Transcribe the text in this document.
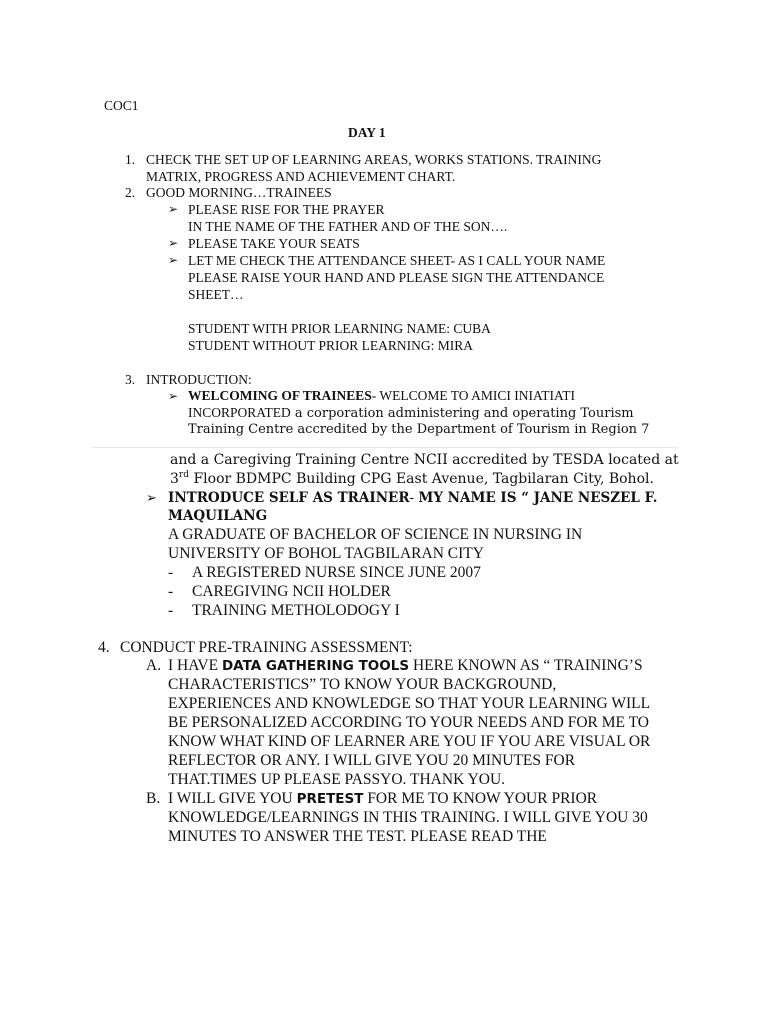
COC1
DAY 1
1. CHECK THE SET UP OF LEARNING AREAS, WORKS STATIONS. TRAINING
MATRIX, PROGRESS AND ACHIEVEMENT CHART.
2. GOOD MORNING…TRAINEES
➢ PLEASE RISE FOR THE PRAYER
IN THE NAME OF THE FATHER AND OF THE SON….
➢ PLEASE TAKE YOUR SEATS
➢ LET ME CHECK THE ATTENDANCE SHEET- AS I CALL YOUR NAME
PLEASE RAISE YOUR HAND AND PLEASE SIGN THE ATTENDANCE
SHEET…
STUDENT WITH PRIOR LEARNING NAME: CUBA
STUDENT WITHOUT PRIOR LEARNING: MIRA
3. INTRODUCTION:
➢ WELCOMING OF TRAINEES- WELCOME TO AMICI INIATIATI
INCORPORATED a corporation administering and operating Tourism
Training Centre accredited by the Department of Tourism in Region 7
and a Caregiving Training Centre NCII accredited by TESDA located at
3rd Floor BDMPC Building CPG East Avenue, Tagbilaran City, Bohol.
➢ INTRODUCE SELF AS TRAINER- MY NAME IS “ JANE NESZEL F.
MAQUILANG
A GRADUATE OF BACHELOR OF SCIENCE IN NURSING IN
UNIVERSITY OF BOHOL TAGBILARAN CITY
- A REGISTERED NURSE SINCE JUNE 2007
- CAREGIVING NCII HOLDER
- TRAINING METHOLODOGY I
4. CONDUCT PRE-TRAINING ASSESSMENT:
A. I HAVE DATA GATHERING TOOLS HERE KNOWN AS “ TRAINING’S
CHARACTERISTICS” TO KNOW YOUR BACKGROUND,
EXPERIENCES AND KNOWLEDGE SO THAT YOUR LEARNING WILL
BE PERSONALIZED ACCORDING TO YOUR NEEDS AND FOR ME TO
KNOW WHAT KIND OF LEARNER ARE YOU IF YOU ARE VISUAL OR
REFLECTOR OR ANY. I WILL GIVE YOU 20 MINUTES FOR
THAT.TIMES UP PLEASE PASSYO. THANK YOU.
B. I WILL GIVE YOU PRETEST FOR ME TO KNOW YOUR PRIOR
KNOWLEDGE/LEARNINGS IN THIS TRAINING. I WILL GIVE YOU 30
MINUTES TO ANSWER THE TEST. PLEASE READ THE
